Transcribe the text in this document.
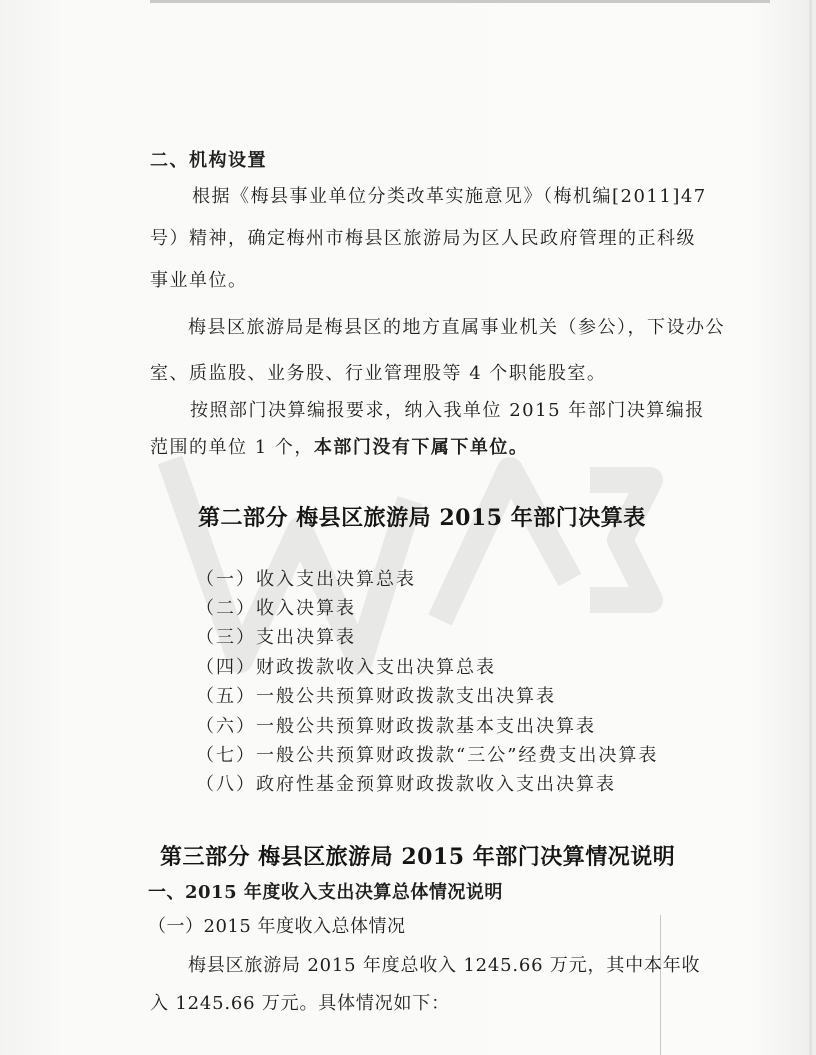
二、机构设置
根据《梅县事业单位分类改革实施意见》（梅机编[2011]47
号）精神，确定梅州市梅县区旅游局为区人民政府管理的正科级
事业单位。
梅县区旅游局是梅县区的地方直属事业机关（参公），下设办公
室、质监股、业务股、行业管理股等 4 个职能股室。
按照部门决算编报要求，纳入我单位 2015 年部门决算编报
范围的单位 1 个，本部门没有下属下单位。
第二部分 梅县区旅游局 2015 年部门决算表
（一）收入支出决算总表
（二）收入决算表
（三）支出决算表
（四）财政拨款收入支出决算总表
（五）一般公共预算财政拨款支出决算表
（六）一般公共预算财政拨款基本支出决算表
（七）一般公共预算财政拨款“三公”经费支出决算表
（八）政府性基金预算财政拨款收入支出决算表
第三部分 梅县区旅游局 2015 年部门决算情况说明
一、2015 年度收入支出决算总体情况说明
（一）2015 年度收入总体情况
梅县区旅游局 2015 年度总收入 1245.66 万元，其中本年收
入 1245.66 万元。具体情况如下：
